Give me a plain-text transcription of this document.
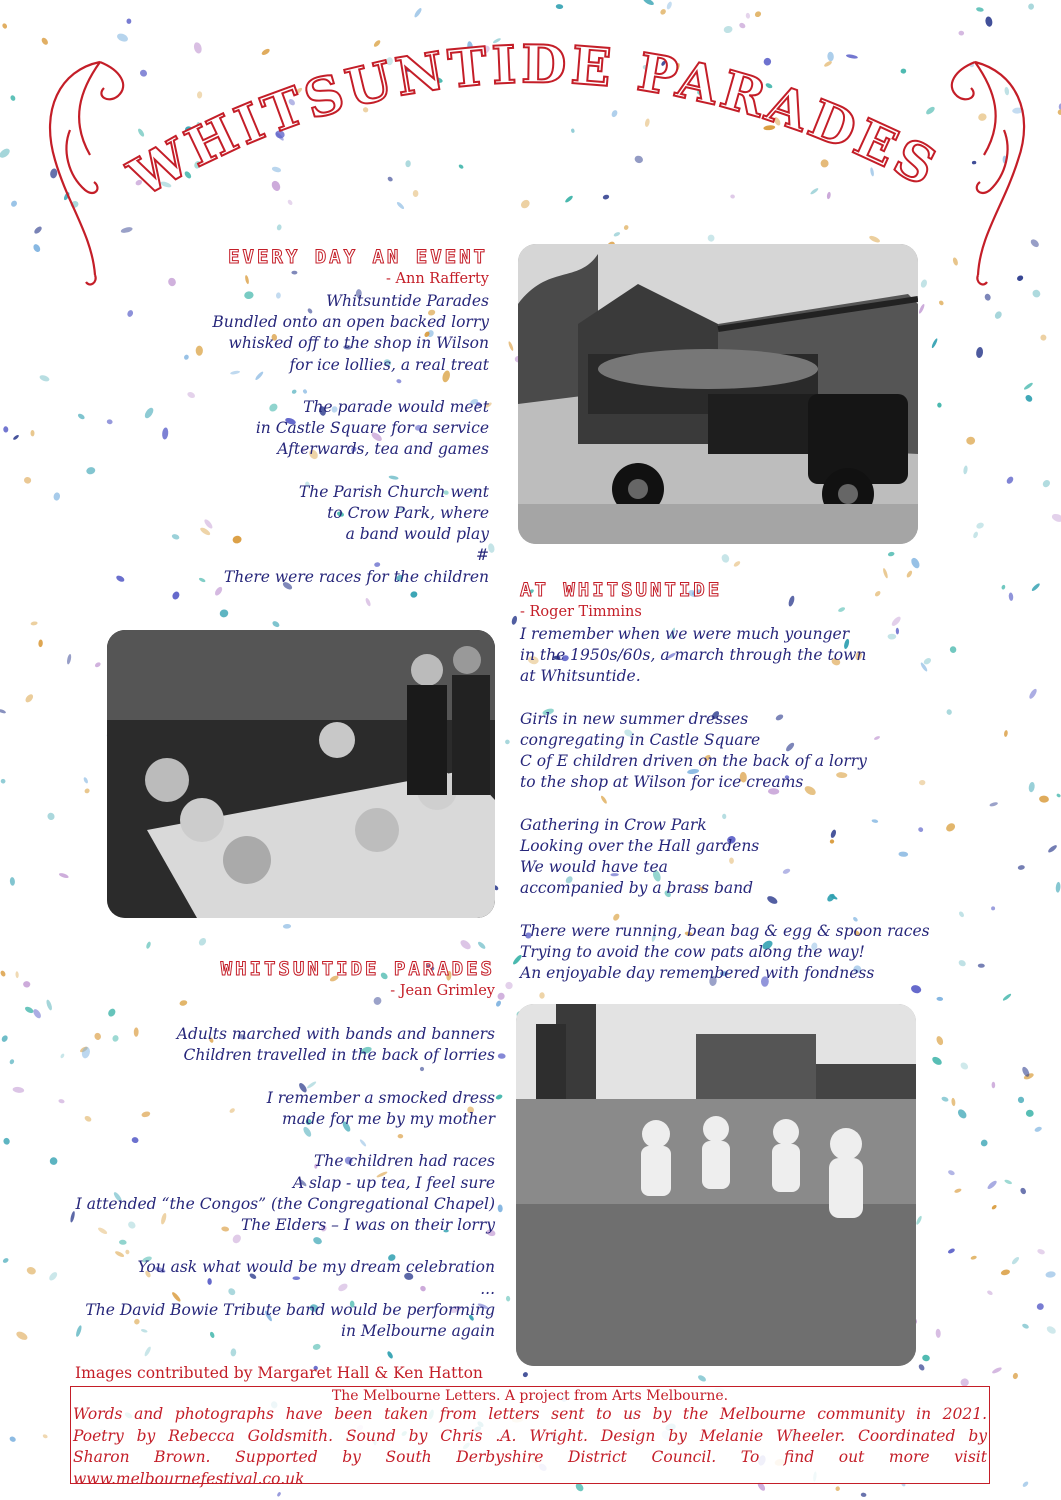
WHITSUNTIDE PARADES
EVERY DAY AN EVENT
- Ann Rafferty
Whitsuntide Parades
Bundled onto an open backed lorry
whisked off to the shop in Wilson
for ice lollies, a real treat
The parade would meet
in Castle Square for a service
Afterwards, tea and games
The Parish Church went
to Crow Park, where
a band would play
#
There were races for the children
AT WHITSUNTIDE
- Roger Timmins
I remember when we were much younger
in the 1950s/60s, a march through the town
at Whitsuntide.
Girls in new summer dresses
congregating in Castle Square
C of E children driven on the back of a lorry
to the shop at Wilson for ice creams
Gathering in Crow Park
Looking over the Hall gardens
We would have tea
accompanied by a brass band
There were running, bean bag & egg & spoon races
Trying to avoid the cow pats along the way!
An enjoyable day remembered with fondness
WHITSUNTIDE PARADES
- Jean Grimley
Adults marched with bands and banners
Children travelled in the back of lorries
I remember a smocked dress
made for me by my mother
The children had races
A slap - up tea, I feel sure
I attended “the Congos” (the Congregational Chapel)
The Elders – I was on their lorry
You ask what would be my dream celebration
...
The David Bowie Tribute band would be performing
in Melbourne again
Images contributed by Margaret Hall & Ken Hatton
The Melbourne Letters. A project from Arts Melbourne.
Words and photographs have been taken from letters sent to us by the Melbourne community in 2021.
Poetry by Rebecca Goldsmith. Sound by Chris .A. Wright. Design by Melanie Wheeler. Coordinated by
Sharon Brown. Supported by South Derbyshire District Council. To find out more visit www.melbournefestival.co.uk
